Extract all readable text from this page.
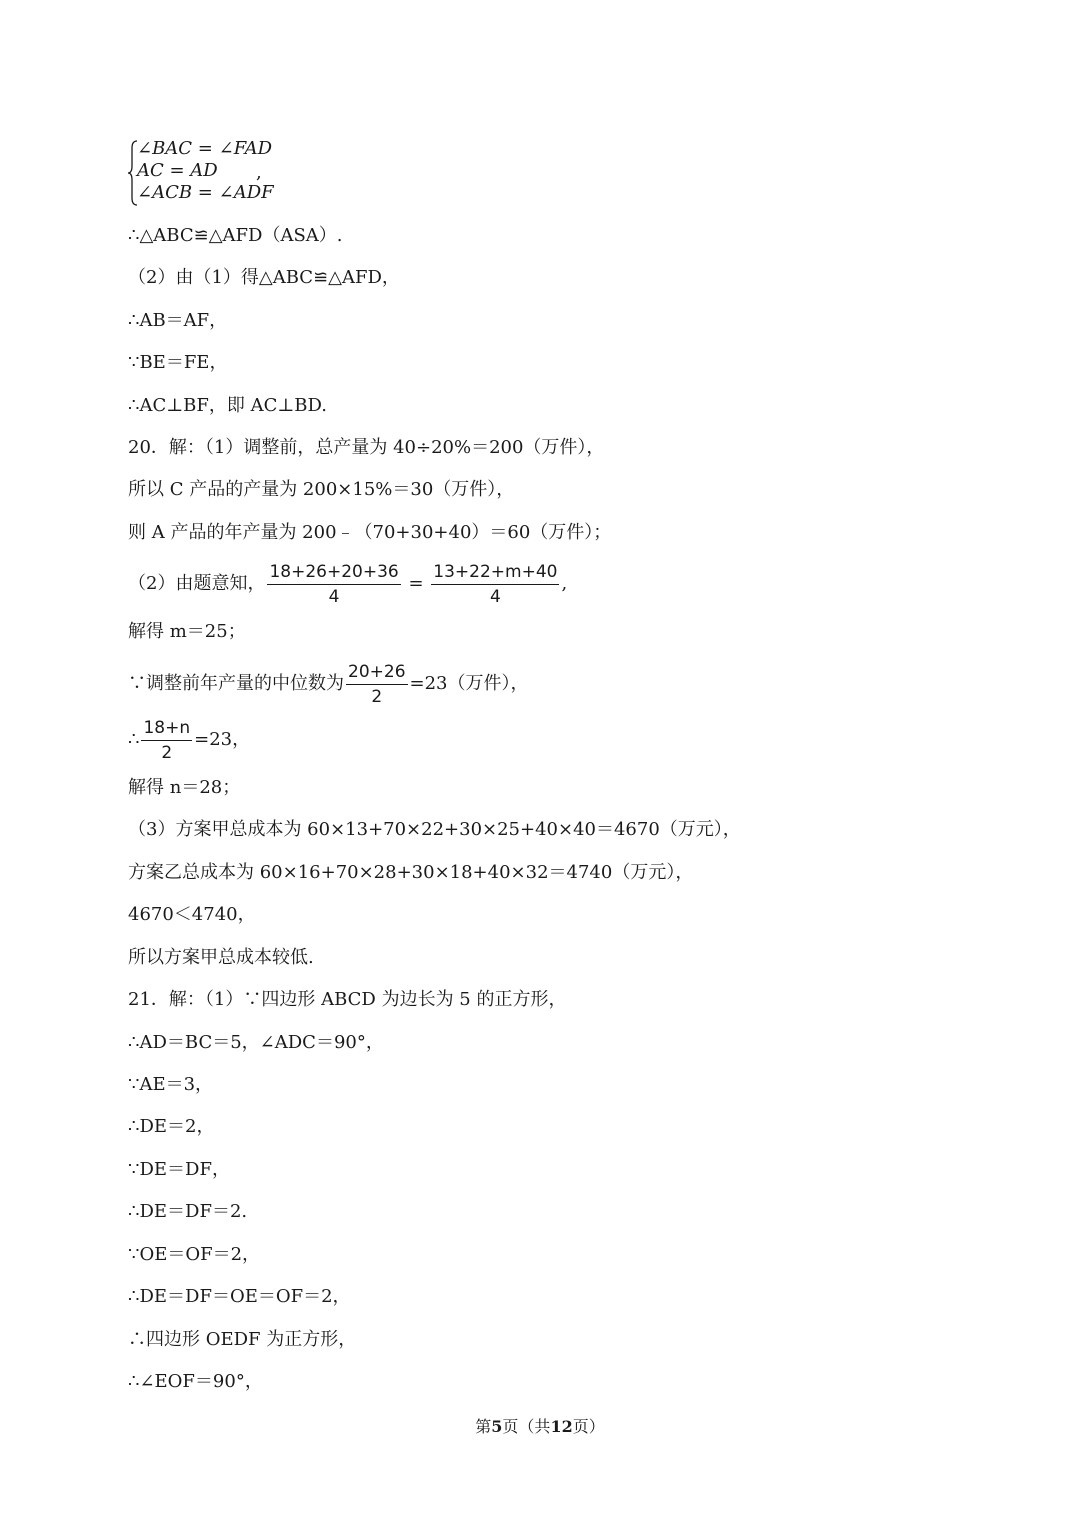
∠BAC = ∠FAD
AC = AD
∠ACB = ∠ADF
,
∴△ABC≌△AFD（ASA）.
（2）由（1）得△ABC≌△AFD，
∴AB＝AF，
∵BE＝FE，
∴AC⊥BF，即 AC⊥BD.
20．解：（1）调整前，总产量为 40÷20%＝200（万件），
所以 C 产品的产量为 200×15%＝30（万件），
则 A 产品的年产量为 200﹣（70+30+40）＝60（万件）；
（2）由题意知， $\frac{18+26+20+36}{4} = \frac{13+22+m+40}{4}$ ,
解得 m＝25；
∵调整前年产量的中位数为 $\frac{20+26}{2} =23$（万件），
∴ $\frac{18+n}{2} =23$，
解得 n＝28；
（3）方案甲总成本为 60×13+70×22+30×25+40×40＝4670（万元），
方案乙总成本为 60×16+70×28+30×18+40×32＝4740（万元），
4670＜4740，
所以方案甲总成本较低.
21．解：（1）∵四边形 ABCD 为边长为 5 的正方形，
∴AD＝BC＝5，∠ADC＝90°，
∵AE＝3，
∴DE＝2，
∵DE＝DF，
∴DE＝DF＝2.
∵OE＝OF＝2，
∴DE＝DF＝OE＝OF＝2，
∴四边形 OEDF 为正方形，
∴∠EOF＝90°，
第5页（共12页）
